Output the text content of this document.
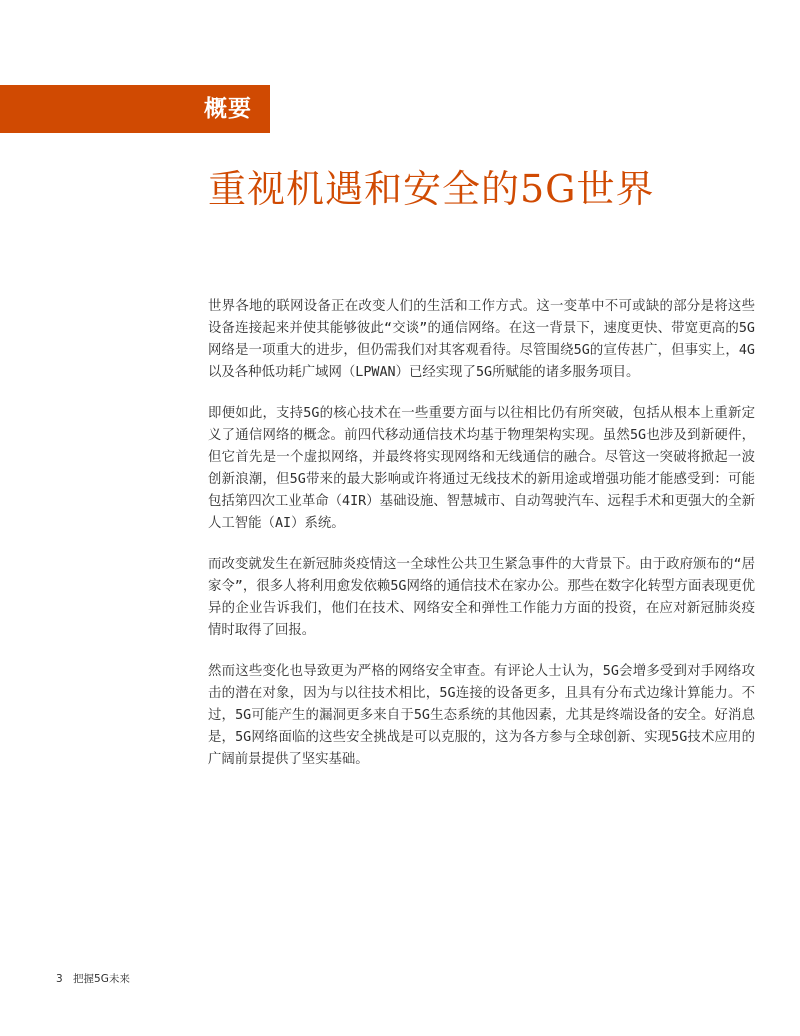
概要
重视机遇和安全的5G世界

世界各地的联网设备正在改变人们的生活和工作方式。这一变革中不可或缺的部分是将这些设备连接起来并使其能够彼此“交谈”的通信网络。在这一背景下，速度更快、带宽更高的5G网络是一项重大的进步，但仍需我们对其客观看待。尽管围绕5G的宣传甚广，但事实上，4G以及各种低功耗广域网（LPWAN）已经实现了5G所赋能的诸多服务项目。

即便如此，支持5G的核心技术在一些重要方面与以往相比仍有所突破，包括从根本上重新定义了通信网络的概念。前四代移动通信技术均基于物理架构实现。虽然5G也涉及到新硬件，但它首先是一个虚拟网络，并最终将实现网络和无线通信的融合。尽管这一突破将掀起一波创新浪潮，但5G带来的最大影响或许将通过无线技术的新用途或增强功能才能感受到：可能包括第四次工业革命（4IR）基础设施、智慧城市、自动驾驶汽车、远程手术和更强大的全新人工智能（AI）系统。

而改变就发生在新冠肺炎疫情这一全球性公共卫生紧急事件的大背景下。由于政府颁布的“居家令”，很多人将利用愈发依赖5G网络的通信技术在家办公。那些在数字化转型方面表现更优异的企业告诉我们，他们在技术、网络安全和弹性工作能力方面的投资，在应对新冠肺炎疫情时取得了回报。

然而这些变化也导致更为严格的网络安全审查。有评论人士认为，5G会增多受到对手网络攻击的潜在对象，因为与以往技术相比，5G连接的设备更多，且具有分布式边缘计算能力。不过，5G可能产生的漏洞更多来自于5G生态系统的其他因素，尤其是终端设备的安全。好消息是，5G网络面临的这些安全挑战是可以克服的，这为各方参与全球创新、实现5G技术应用的广阔前景提供了坚实基础。

3 把握5G未来
